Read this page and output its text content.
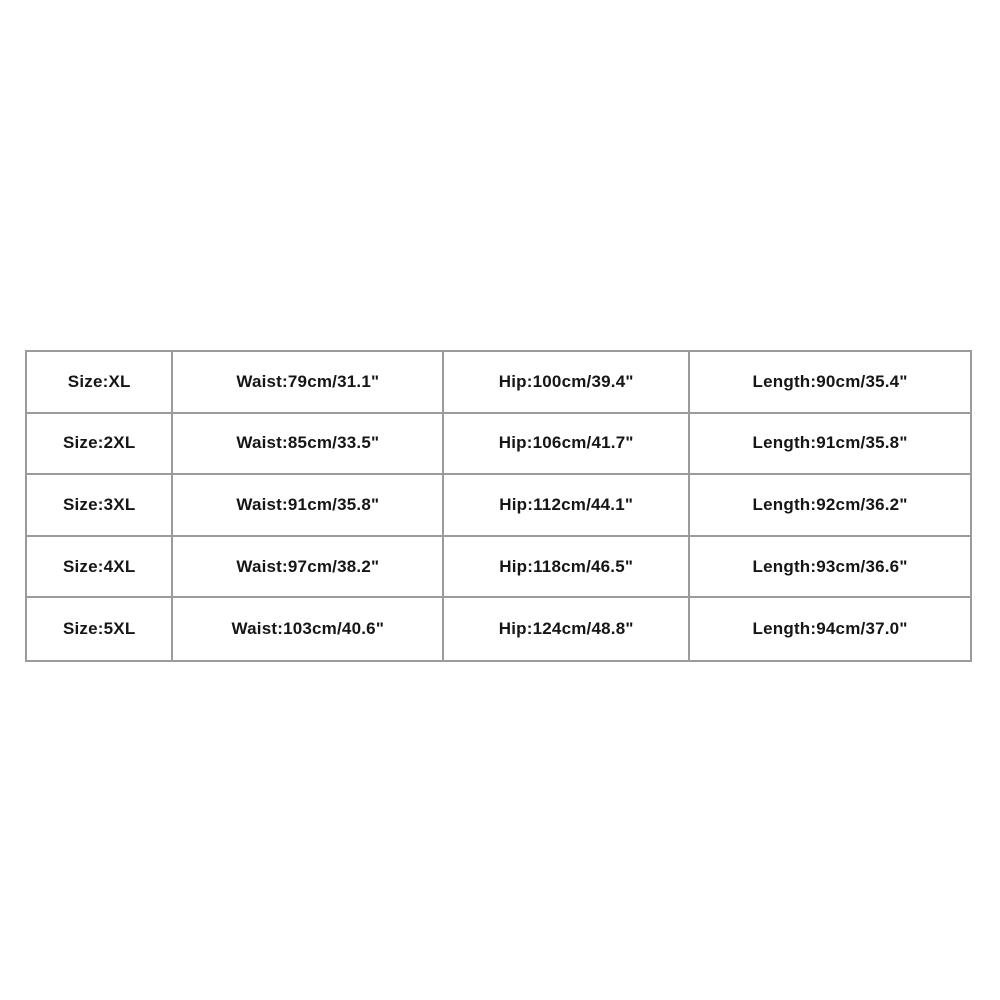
Size:XL	Waist:79cm/31.1"	Hip:100cm/39.4"	Length:90cm/35.4"
Size:2XL	Waist:85cm/33.5"	Hip:106cm/41.7"	Length:91cm/35.8"
Size:3XL	Waist:91cm/35.8"	Hip:112cm/44.1"	Length:92cm/36.2"
Size:4XL	Waist:97cm/38.2"	Hip:118cm/46.5"	Length:93cm/36.6"
Size:5XL	Waist:103cm/40.6"	Hip:124cm/48.8"	Length:94cm/37.0"
